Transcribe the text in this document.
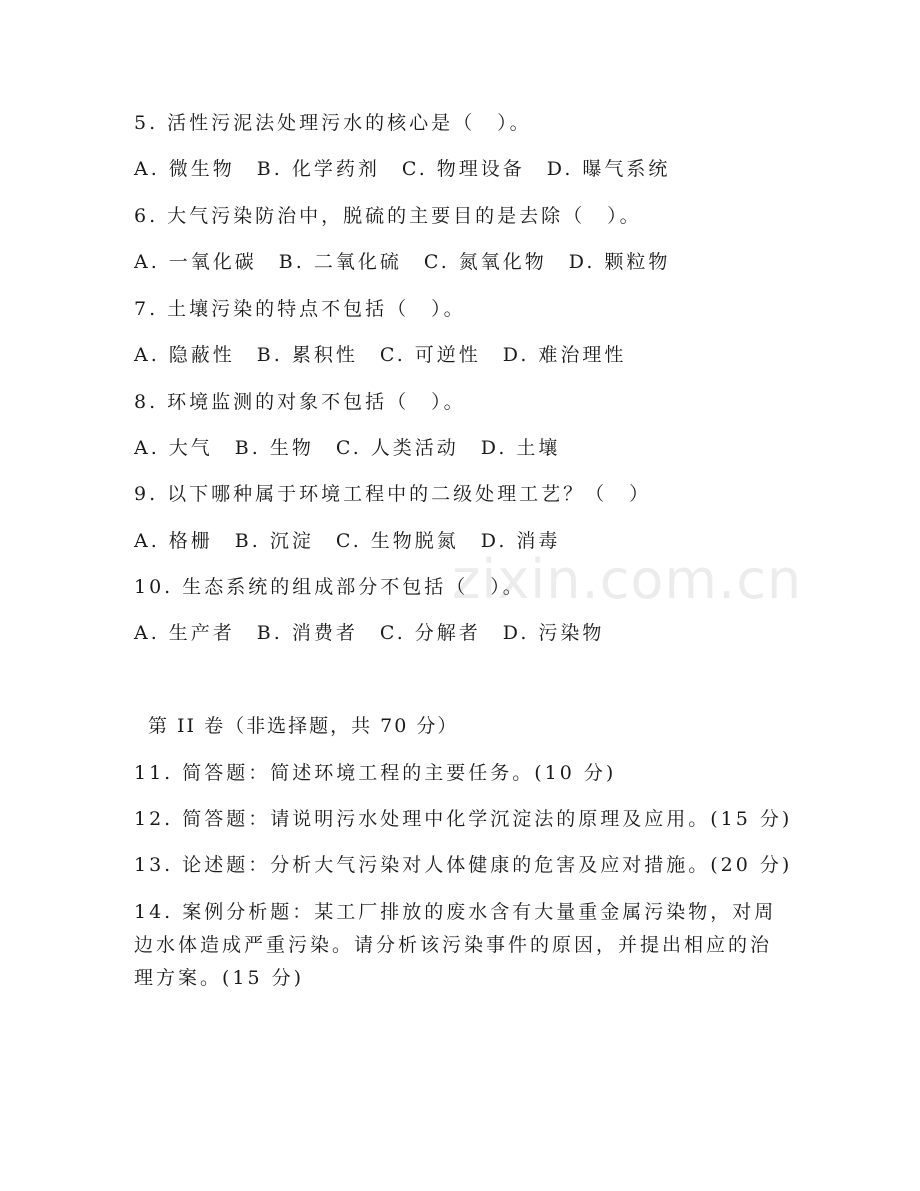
zixin.com.cn
5. 活性污泥法处理污水的核心是（　）。
A. 微生物　B. 化学药剂　C. 物理设备　D. 曝气系统
6. 大气污染防治中，脱硫的主要目的是去除（　）。
A. 一氧化碳　B. 二氧化硫　C. 氮氧化物　D. 颗粒物
7. 土壤污染的特点不包括（　）。
A. 隐蔽性　B. 累积性　C. 可逆性　D. 难治理性
8. 环境监测的对象不包括（　）。
A. 大气　B. 生物　C. 人类活动　D. 土壤
9. 以下哪种属于环境工程中的二级处理工艺？（　）
A. 格栅　B. 沉淀　C. 生物脱氮　D. 消毒
10. 生态系统的组成部分不包括（　）。
A. 生产者　B. 消费者　C. 分解者　D. 污染物
第 II 卷（非选择题，共 70 分）
11. 简答题：简述环境工程的主要任务。(10 分)
12. 简答题：请说明污水处理中化学沉淀法的原理及应用。(15 分)
13. 论述题：分析大气污染对人体健康的危害及应对措施。(20 分)
14. 案例分析题：某工厂排放的废水含有大量重金属污染物，对周边水体造成严重污染。请分析该污染事件的原因，并提出相应的治理方案。(15 分)
